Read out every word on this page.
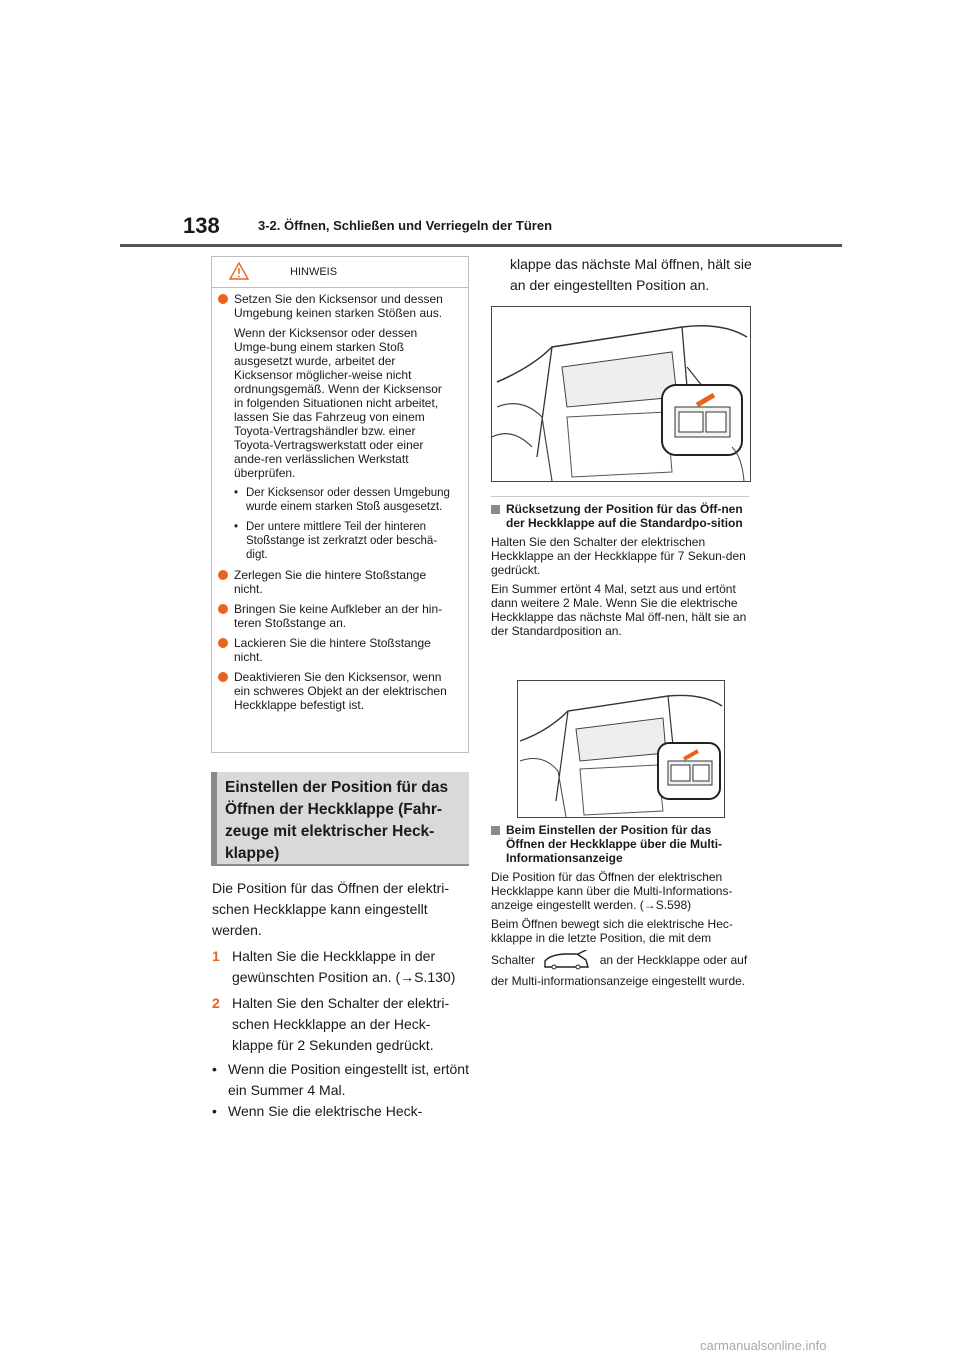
138	3-2. Öffnen, Schließen und Verriegeln der Türen
HINWEIS
Setzen Sie den Kicksensor und dessen Umgebung keinen starken Stößen aus.
Wenn der Kicksensor oder dessen Umge-bung einem starken Stoß ausgesetzt wurde, arbeitet der Kicksensor möglicher-weise nicht ordnungsgemäß. Wenn der Kicksensor in folgenden Situationen nicht arbeitet, lassen Sie das Fahrzeug von einem Toyota-Vertragshändler bzw. einer Toyota-Vertragswerkstatt oder einer ande-ren verlässlichen Werkstatt überprüfen.
• Der Kicksensor oder dessen Umgebung wurde einem starken Stoß ausgesetzt.
• Der untere mittlere Teil der hinteren Stoßstange ist zerkratzt oder beschä-digt.
Zerlegen Sie die hintere Stoßstange nicht.
Bringen Sie keine Aufkleber an der hin-teren Stoßstange an.
Lackieren Sie die hintere Stoßstange nicht.
Deaktivieren Sie den Kicksensor, wenn ein schweres Objekt an der elektrischen Heckklappe befestigt ist.
Einstellen der Position für das Öffnen der Heckklappe (Fahr-zeuge mit elektrischer Heck-klappe)
Die Position für das Öffnen der elektri-schen Heckklappe kann eingestellt werden.
1 Halten Sie die Heckklappe in der gewünschten Position an. (→S.130)
2 Halten Sie den Schalter der elektri-schen Heckklappe an der Heck-klappe für 2 Sekunden gedrückt.
• Wenn die Position eingestellt ist, ertönt ein Summer 4 Mal.
• Wenn Sie die elektrische Heck-
klappe das nächste Mal öffnen, hält sie an der eingestellten Position an.
Rücksetzung der Position für das Öff-nen der Heckklappe auf die Standardpo-sition

Halten Sie den Schalter der elektrischen Heckklappe an der Heckklappe für 7 Sekun-den gedrückt.

Ein Summer ertönt 4 Mal, setzt aus und ertönt dann weitere 2 Male. Wenn Sie die elektrische Heckklappe das nächste Mal öff-nen, hält sie an der Standardposition an.

Beim Einstellen der Position für das Öffnen der Heckklappe über die Multi-Informationsanzeige

Die Position für das Öffnen der elektrischen Heckklappe kann über die Multi-Informations-anzeige eingestellt werden. (→S.598)

Beim Öffnen bewegt sich die elektrische Hec-kklappe in die letzte Position, die mit dem

Schalter	an der Heckklappe oder auf der Multi-informationsanzeige eingestellt wurde.

carmanualsonline.info
